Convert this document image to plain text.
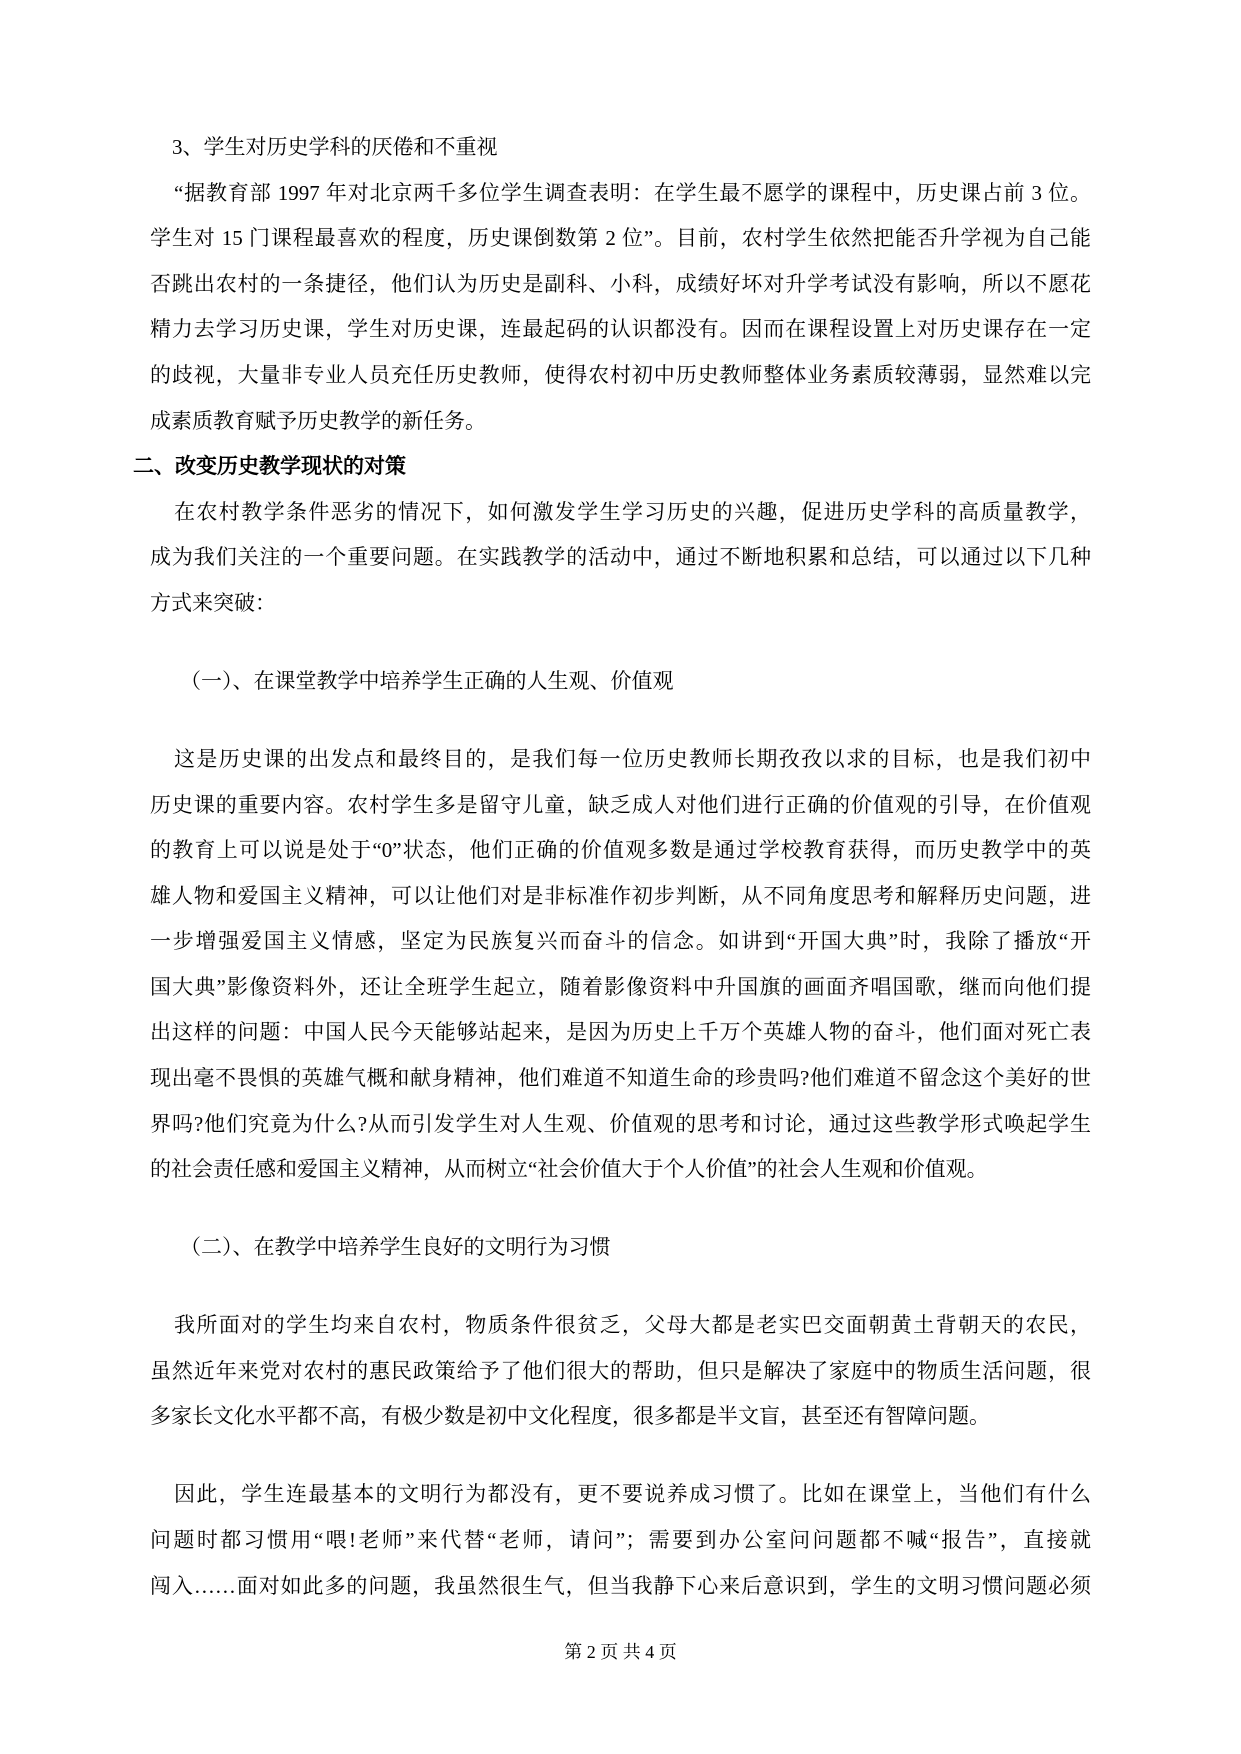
3、学生对历史学科的厌倦和不重视
“据教育部 1997 年对北京两千多位学生调查表明：在学生最不愿学的课程中，历史课占前 3 位。
学生对 15 门课程最喜欢的程度，历史课倒数第 2 位”。目前，农村学生依然把能否升学视为自己能
否跳出农村的一条捷径，他们认为历史是副科、小科，成绩好坏对升学考试没有影响，所以不愿花
精力去学习历史课，学生对历史课，连最起码的认识都没有。因而在课程设置上对历史课存在一定
的歧视，大量非专业人员充任历史教师，使得农村初中历史教师整体业务素质较薄弱，显然难以完
成素质教育赋予历史教学的新任务。
二、改变历史教学现状的对策
在农村教学条件恶劣的情况下，如何激发学生学习历史的兴趣，促进历史学科的高质量教学，
成为我们关注的一个重要问题。在实践教学的活动中，通过不断地积累和总结，可以通过以下几种
方式来突破：
（一）、在课堂教学中培养学生正确的人生观、价值观
这是历史课的出发点和最终目的，是我们每一位历史教师长期孜孜以求的目标，也是我们初中
历史课的重要内容。农村学生多是留守儿童，缺乏成人对他们进行正确的价值观的引导，在价值观
的教育上可以说是处于“0”状态，他们正确的价值观多数是通过学校教育获得，而历史教学中的英
雄人物和爱国主义精神，可以让他们对是非标准作初步判断，从不同角度思考和解释历史问题，进
一步增强爱国主义情感，坚定为民族复兴而奋斗的信念。如讲到“开国大典”时，我除了播放“开
国大典”影像资料外，还让全班学生起立，随着影像资料中升国旗的画面齐唱国歌，继而向他们提
出这样的问题：中国人民今天能够站起来，是因为历史上千万个英雄人物的奋斗，他们面对死亡表
现出毫不畏惧的英雄气概和献身精神，他们难道不知道生命的珍贵吗?他们难道不留念这个美好的世
界吗?他们究竟为什么?从而引发学生对人生观、价值观的思考和讨论，通过这些教学形式唤起学生
的社会责任感和爱国主义精神，从而树立“社会价值大于个人价值”的社会人生观和价值观。
（二）、在教学中培养学生良好的文明行为习惯
我所面对的学生均来自农村，物质条件很贫乏，父母大都是老实巴交面朝黄土背朝天的农民，
虽然近年来党对农村的惠民政策给予了他们很大的帮助，但只是解决了家庭中的物质生活问题，很
多家长文化水平都不高，有极少数是初中文化程度，很多都是半文盲，甚至还有智障问题。
因此，学生连最基本的文明行为都没有，更不要说养成习惯了。比如在课堂上，当他们有什么
问题时都习惯用“喂!老师”来代替“老师，请问”；需要到办公室问问题都不喊“报告”，直接就
闯入……面对如此多的问题，我虽然很生气，但当我静下心来后意识到，学生的文明习惯问题必须
第 2 页 共 4 页
